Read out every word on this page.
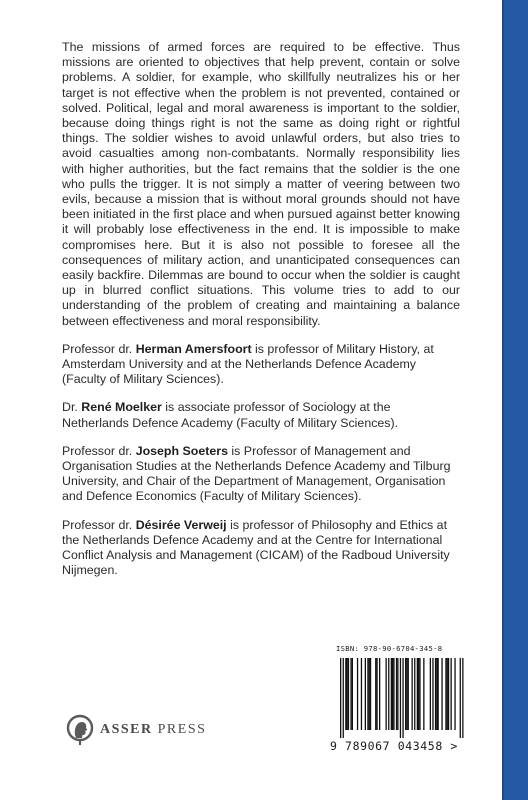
The missions of armed forces are required to be effective. Thus missions are oriented to objectives that help prevent, contain or solve problems. A soldier, for example, who skillfully neutralizes his or her target is not effective when the problem is not prevented, contained or solved. Political, legal and moral awareness is important to the soldier, because doing things right is not the same as doing right or rightful things. The soldier wishes to avoid unlawful orders, but also tries to avoid casualties among non-combatants. Normally responsibility lies with higher authorities, but the fact remains that the soldier is the one who pulls the trigger. It is not simply a matter of veering between two evils, because a mission that is without moral grounds should not have been initiated in the first place and when pursued against better knowing it will probably lose effectiveness in the end. It is impossible to make compromises here. But it is also not possible to foresee all the consequences of military action, and unanticipated consequences can easily backfire. Dilemmas are bound to occur when the soldier is caught up in blurred conflict situations. This volume tries to add to our understanding of the problem of creating and maintaining a balance between effectiveness and moral responsibility.

Professor dr. Herman Amersfoort is professor of Military History, at Amsterdam University and at the Netherlands Defence Academy (Faculty of Military Sciences).

Dr. René Moelker is associate professor of Sociology at the Netherlands Defence Academy (Faculty of Military Sciences).

Professor dr. Joseph Soeters is Professor of Management and Organisation Studies at the Netherlands Defence Academy and Tilburg University, and Chair of the Department of Management, Organisation and Defence Economics (Faculty of Military Sciences).

Professor dr. Désirée Verweij is professor of Philosophy and Ethics at the Netherlands Defence Academy and at the Centre for International Conflict Analysis and Management (CICAM) of the Radboud University Nijmegen.

ASSER PRESS
ISBN: 978-90-6704-345-8
9 789067 043458 >
